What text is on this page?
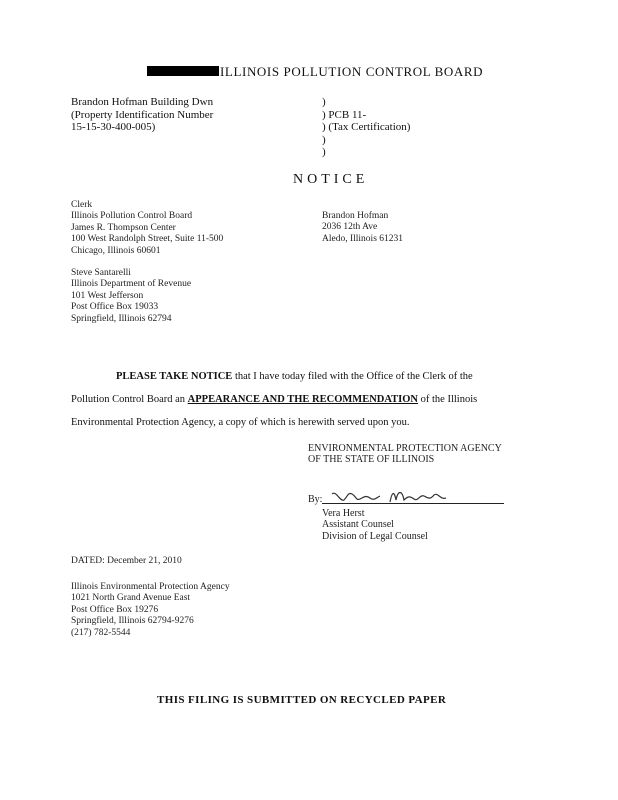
ILLINOIS POLLUTION CONTROL BOARD
Brandon Hofman Building Dwn
(Property Identification Number
15-15-30-400-005)
)
) PCB 11-
) (Tax Certification)
)
)
NOTICE
Clerk
Illinois Pollution Control Board
James R. Thompson Center
100 West Randolph Street, Suite 11-500
Chicago, Illinois 60601
Brandon Hofman
2036 12th Ave
Aledo, Illinois 61231
Steve Santarelli
Illinois Department of Revenue
101 West Jefferson
Post Office Box 19033
Springfield, Illinois 62794
PLEASE TAKE NOTICE that I have today filed with the Office of the Clerk of the
Pollution Control Board an APPEARANCE AND THE RECOMMENDATION of the Illinois
Environmental Protection Agency, a copy of which is herewith served upon you.
ENVIRONMENTAL PROTECTION AGENCY
OF THE STATE OF ILLINOIS
By:
Vera Herst
Assistant Counsel
Division of Legal Counsel
DATED: December 21, 2010
Illinois Environmental Protection Agency
1021 North Grand Avenue East
Post Office Box 19276
Springfield, Illinois 62794-9276
(217) 782-5544
THIS FILING IS SUBMITTED ON RECYCLED PAPER
